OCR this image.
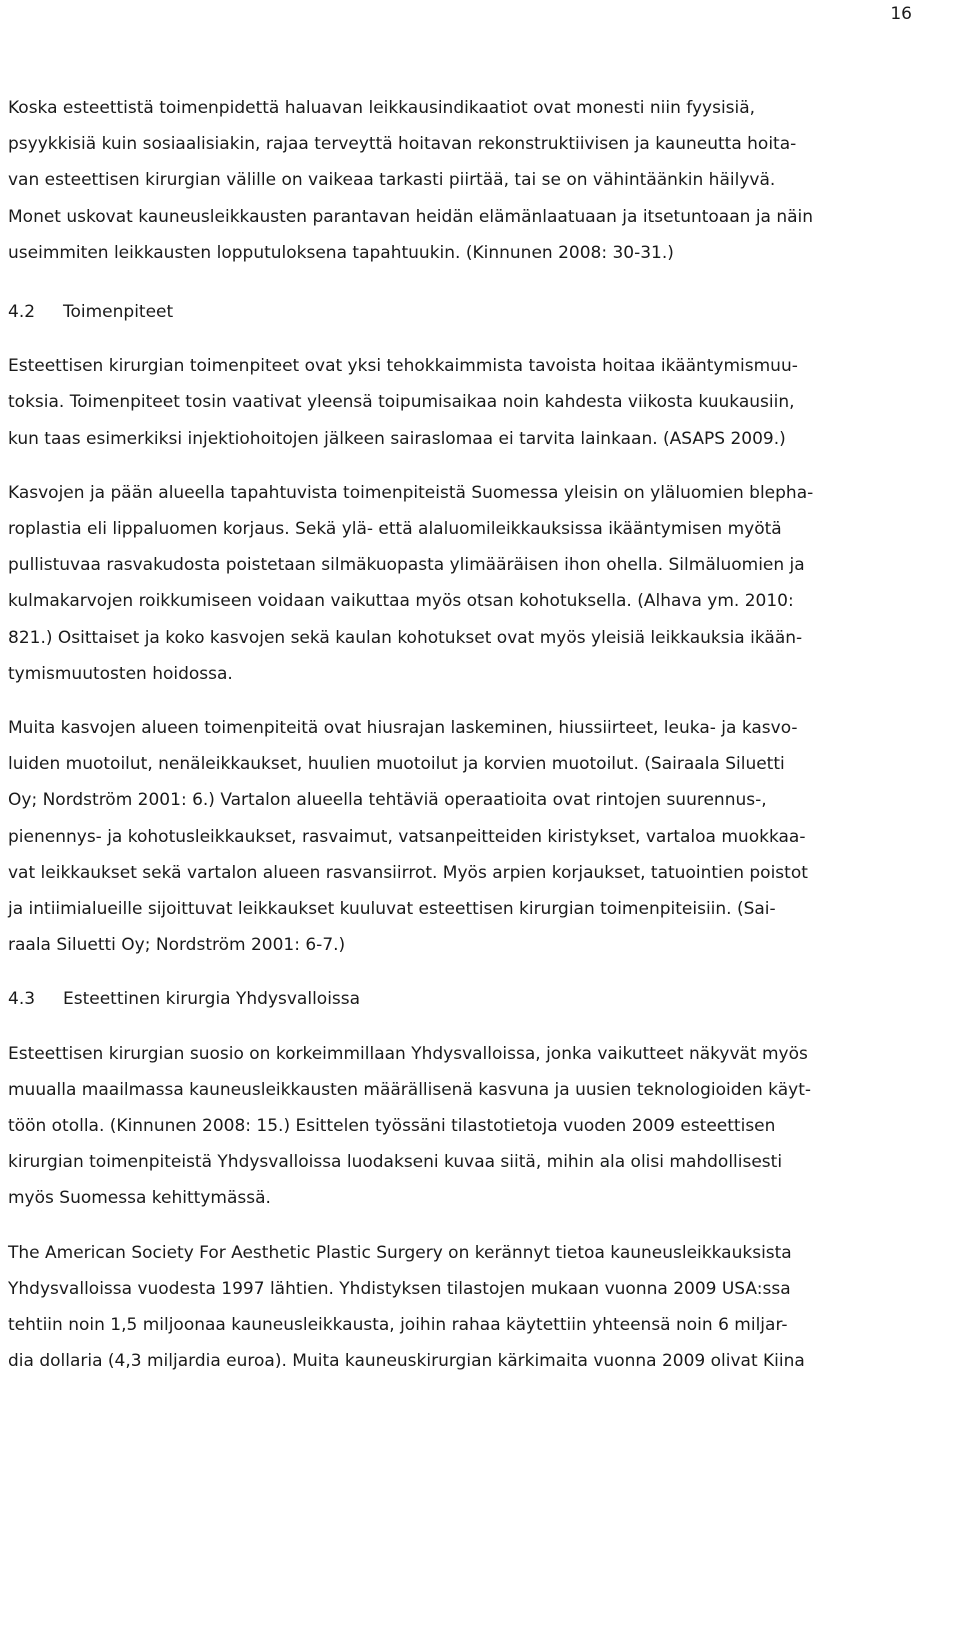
16

Koska esteettistä toimenpidettä haluavan leikkausindikaatiot ovat monesti niin fyysisiä,
psyykkisiä kuin sosiaalisiakin, rajaa terveyttä hoitavan rekonstruktiivisen ja kauneutta hoita-
van esteettisen kirurgian välille on vaikeaa tarkasti piirtää, tai se on vähintäänkin häilyvä.
Monet uskovat kauneusleikkausten parantavan heidän elämänlaatuaan ja itsetuntoaan ja näin
useimmiten leikkausten lopputuloksena tapahtuukin. (Kinnunen 2008: 30-31.)

4.2 Toimenpiteet

Esteettisen kirurgian toimenpiteet ovat yksi tehokkaimmista tavoista hoitaa ikääntymismuu-
toksia. Toimenpiteet tosin vaativat yleensä toipumisaikaa noin kahdesta viikosta kuukausiin,
kun taas esimerkiksi injektiohoitojen jälkeen sairaslomaa ei tarvita lainkaan. (ASAPS 2009.)

Kasvojen ja pään alueella tapahtuvista toimenpiteistä Suomessa yleisin on yläluomien blepha-
roplastia eli lippaluomen korjaus. Sekä ylä- että alaluomileikkauksissa ikääntymisen myötä
pullistuvaa rasvakudosta poistetaan silmäkuopasta ylimääräisen ihon ohella. Silmäluomien ja
kulmakarvojen roikkumiseen voidaan vaikuttaa myös otsan kohotuksella. (Alhava ym. 2010:
821.) Osittaiset ja koko kasvojen sekä kaulan kohotukset ovat myös yleisiä leikkauksia ikään-
tymismuutosten hoidossa.

Muita kasvojen alueen toimenpiteitä ovat hiusrajan laskeminen, hiussiirteet, leuka- ja kasvo-
luiden muotoilut, nenäleikkaukset, huulien muotoilut ja korvien muotoilut. (Sairaala Siluetti
Oy; Nordström 2001: 6.) Vartalon alueella tehtäviä operaatioita ovat rintojen suurennus-,
pienennys- ja kohotusleikkaukset, rasvaimut, vatsanpeitteiden kiristykset, vartaloa muokkaa-
vat leikkaukset sekä vartalon alueen rasvansiirrot. Myös arpien korjaukset, tatuointien poistot
ja intiimialueille sijoittuvat leikkaukset kuuluvat esteettisen kirurgian toimenpiteisiin. (Sai-
raala Siluetti Oy; Nordström 2001: 6-7.)

4.3 Esteettinen kirurgia Yhdysvalloissa

Esteettisen kirurgian suosio on korkeimmillaan Yhdysvalloissa, jonka vaikutteet näkyvät myös
muualla maailmassa kauneusleikkausten määrällisenä kasvuna ja uusien teknologioiden käyt-
töön otolla. (Kinnunen 2008: 15.) Esittelen työssäni tilastotietoja vuoden 2009 esteettisen
kirurgian toimenpiteistä Yhdysvalloissa luodakseni kuvaa siitä, mihin ala olisi mahdollisesti
myös Suomessa kehittymässä.

The American Society For Aesthetic Plastic Surgery on kerännyt tietoa kauneusleikkauksista
Yhdysvalloissa vuodesta 1997 lähtien. Yhdistyksen tilastojen mukaan vuonna 2009 USA:ssa
tehtiin noin 1,5 miljoonaa kauneusleikkausta, joihin rahaa käytettiin yhteensä noin 6 miljar-
dia dollaria (4,3 miljardia euroa). Muita kauneuskirurgian kärkimaita vuonna 2009 olivat Kiina
